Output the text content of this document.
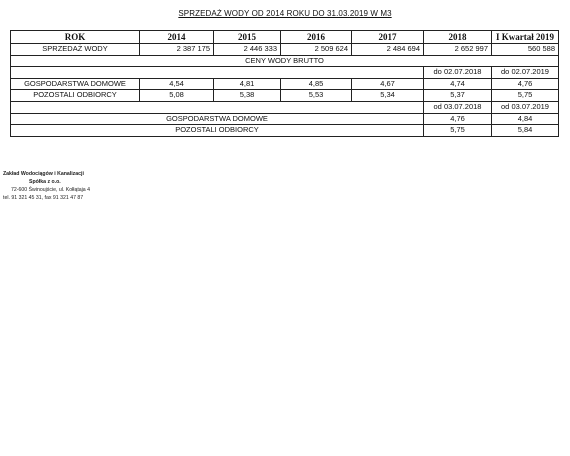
SPRZEDAŻ WODY OD 2014 ROKU DO 31.03.2019 W M3
ROK	2014	2015	2016	2017	2018	I Kwartał 2019
SPRZEDAŻ WODY	2 387 175	2 446 333	2 509 624	2 484 694	2 652 997	560 588
CENY WODY BRUTTO						
					do 02.07.2018	do 02.07.2019
GOSPODARSTWA DOMOWE	4,54	4,81	4,85	4,67	4,74	4,76
POZOSTALI ODBIORCY	5,08	5,38	5,53	5,34	5,37	5,75
					od 03.07.2018	od 03.07.2019
GOSPODARSTWA DOMOWE					4,76	4,84
POZOSTALI ODBIORCY					5,75	5,84
Zakład Wodociągów i Kanalizacji
Spółka z o.o.
72-600 Świnoujście, ul. Kołłątaja 4
tel. 91 321 45 31, fax 91 321 47 87
